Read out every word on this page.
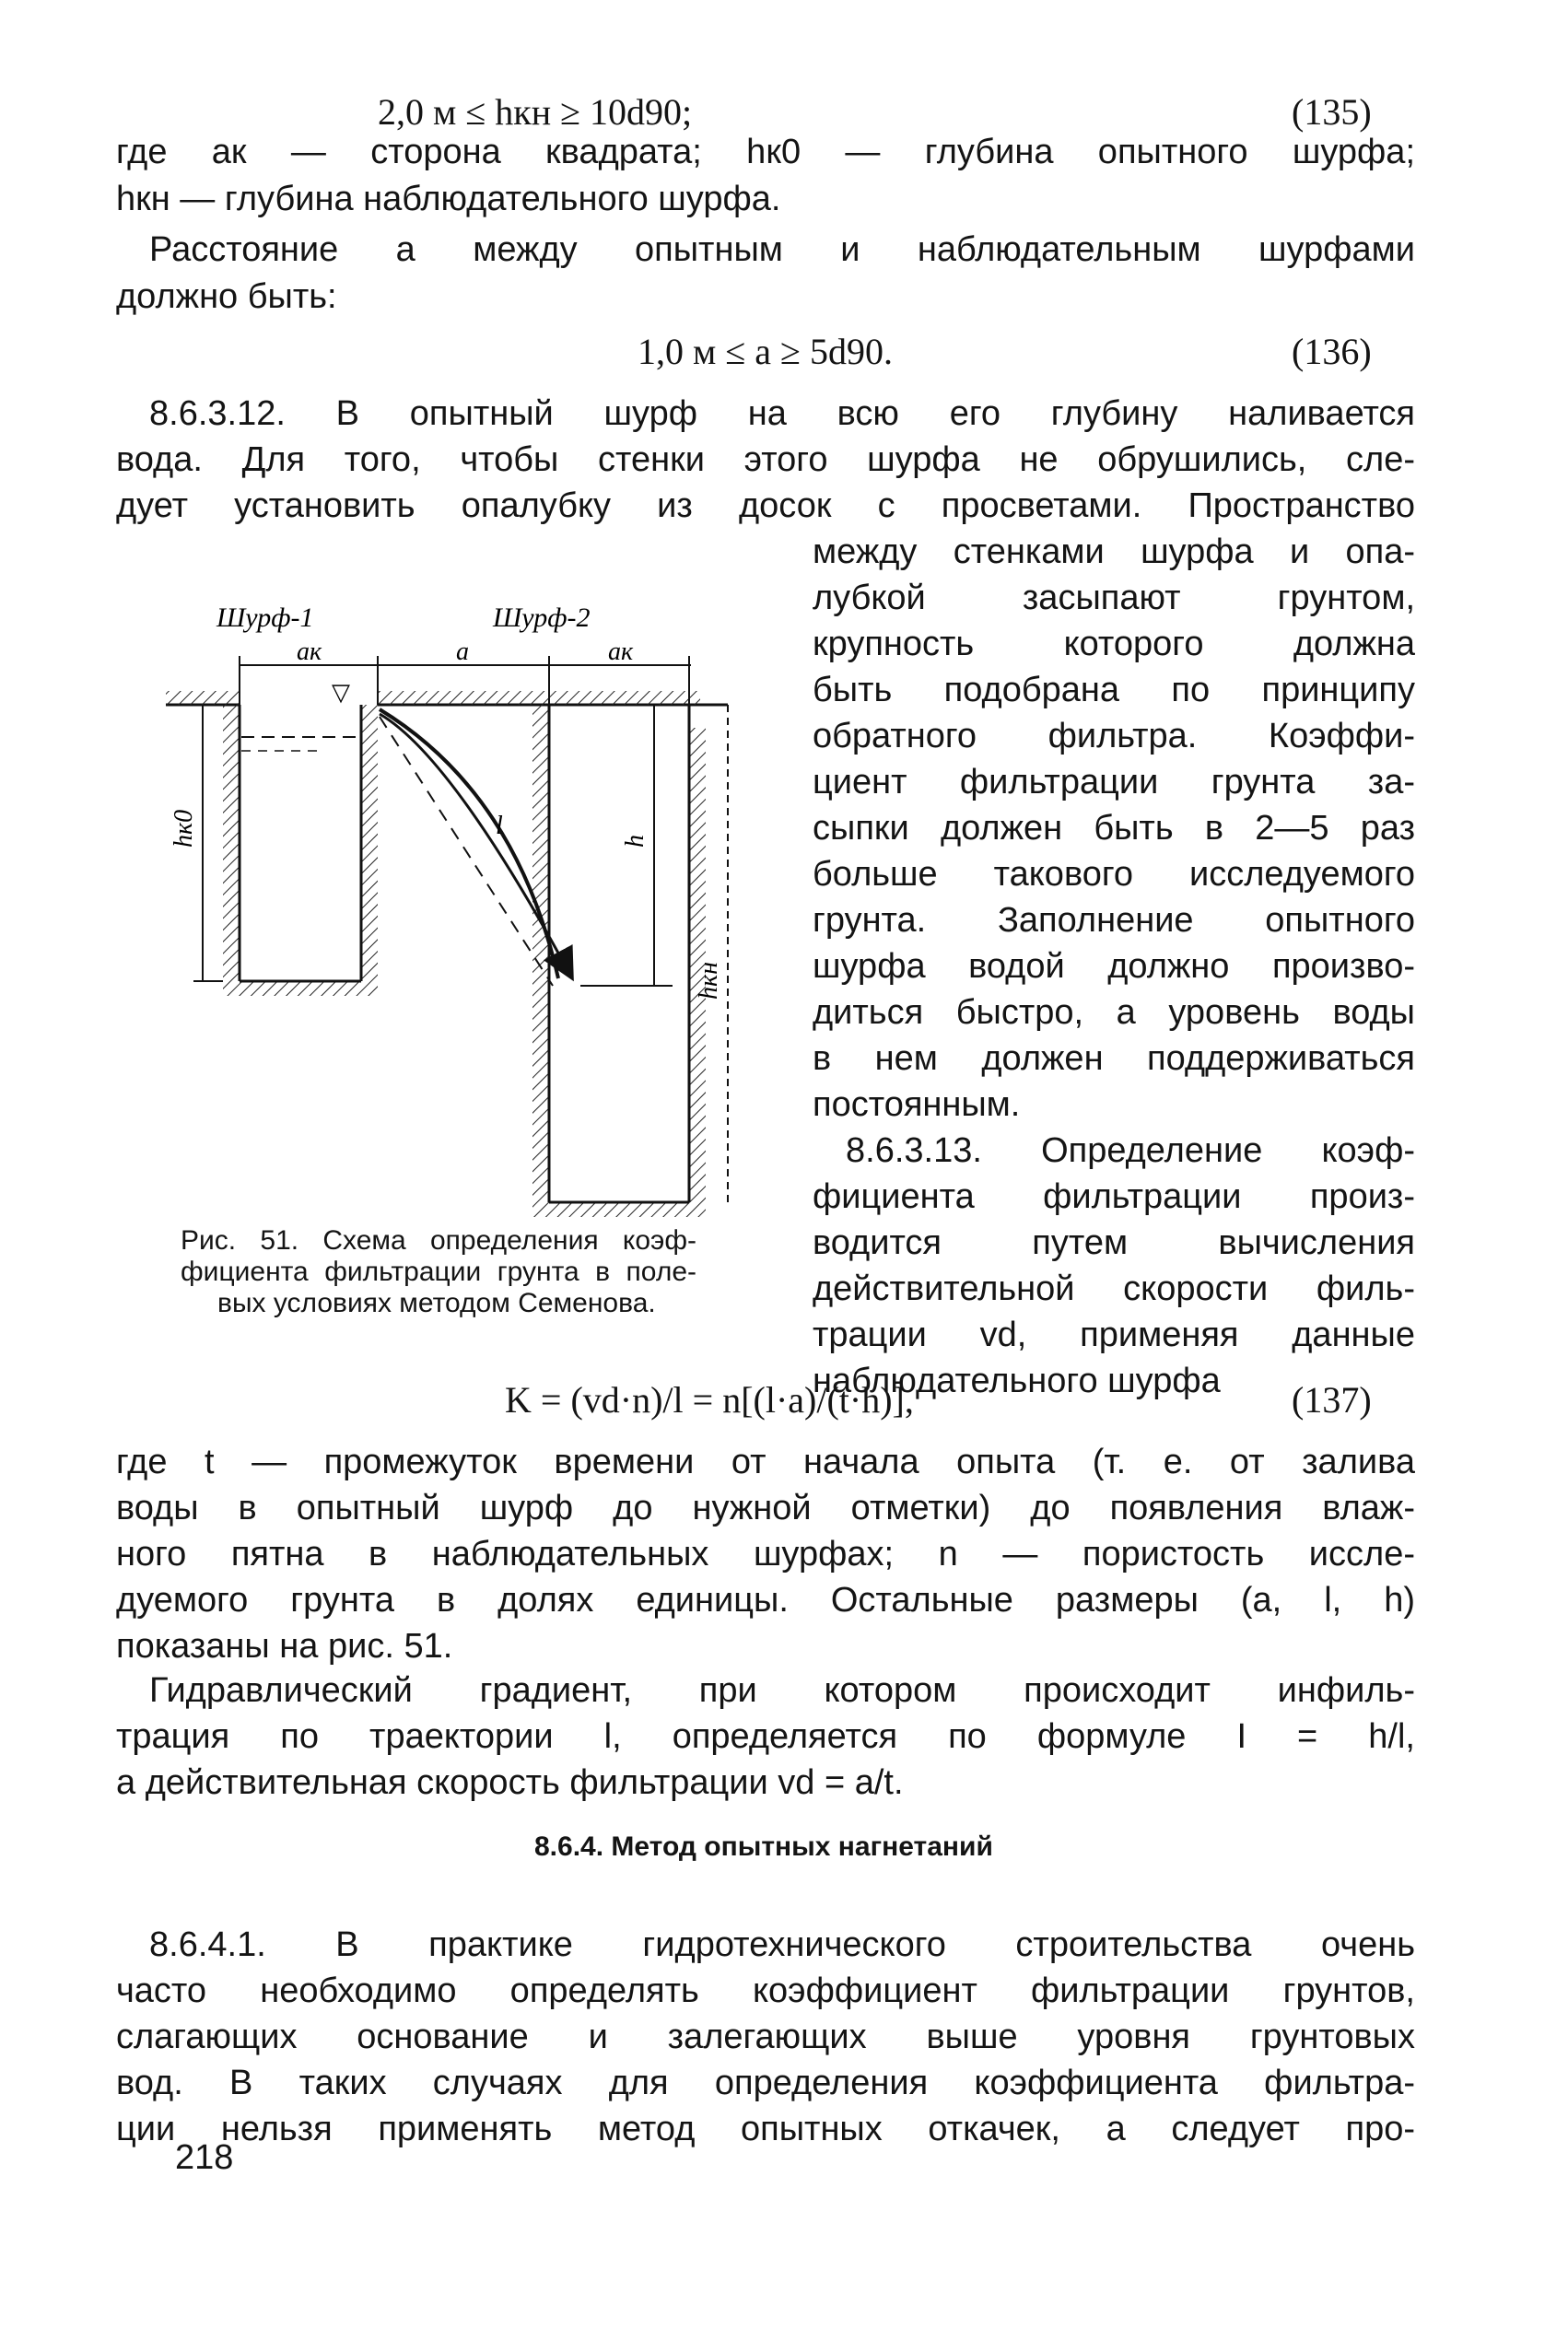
2,0 м ≤ hкн ≥ 10d90;	(135)
где aк — сторона квадрата; hк0 — глубина опытного шурфа;
hкн — глубина наблюдательного шурфа.
Расстояние a между опытным и наблюдательным шурфами
должно быть:
1,0 м ≤ a ≥ 5d90.	(136)
8.6.3.12. В опытный шурф на всю его глубину наливается
вода. Для того, чтобы стенки этого шурфа не обрушились, сле-
дует установить опалубку из досок с просветами. Пространство
между стенками шурфа и опа-
лубкой засыпают грунтом,
крупность которого должна
быть подобрана по принципу
обратного фильтра. Коэффи-
циент фильтрации грунта за-
сыпки должен быть в 2—5 раз
больше такового исследуемого
грунта. Заполнение опытного
шурфа водой должно произво-
диться быстро, а уровень воды
в нем должен поддерживаться
постоянным.
8.6.3.13. Определение коэф-
фициента фильтрации произ-
водится путем вычисления
действительной скорости филь-
трации vd, применяя данные
наблюдательного шурфа
▽
Шурф-1	Шурф-2
aк	a	aк
hк0	h
l
hкн
Рис. 51. Схема определения коэф-
фициента фильтрации грунта в поле-
вых условиях методом Семенова.
K = (vd·n)/l = n[(l·a)/(t·h)],	(137)
где t — промежуток времени от начала опыта (т. е. от залива
воды в опытный шурф до нужной отметки) до появления влаж-
ного пятна в наблюдательных шурфах; n — пористость иссле-
дуемого грунта в долях единицы. Остальные размеры (a, l, h)
показаны на рис. 51.
Гидравлический градиент, при котором происходит инфиль-
трация по траектории l, определяется по формуле I = h/l,
а действительная скорость фильтрации vd = a/t.
8.6.4. Метод опытных нагнетаний
8.6.4.1. В практике гидротехнического строительства очень
часто необходимо определять коэффициент фильтрации грунтов,
слагающих основание и залегающих выше уровня грунтовых
вод. В таких случаях для определения коэффициента фильтра-
ции нельзя применять метод опытных откачек, а следует про-
218
